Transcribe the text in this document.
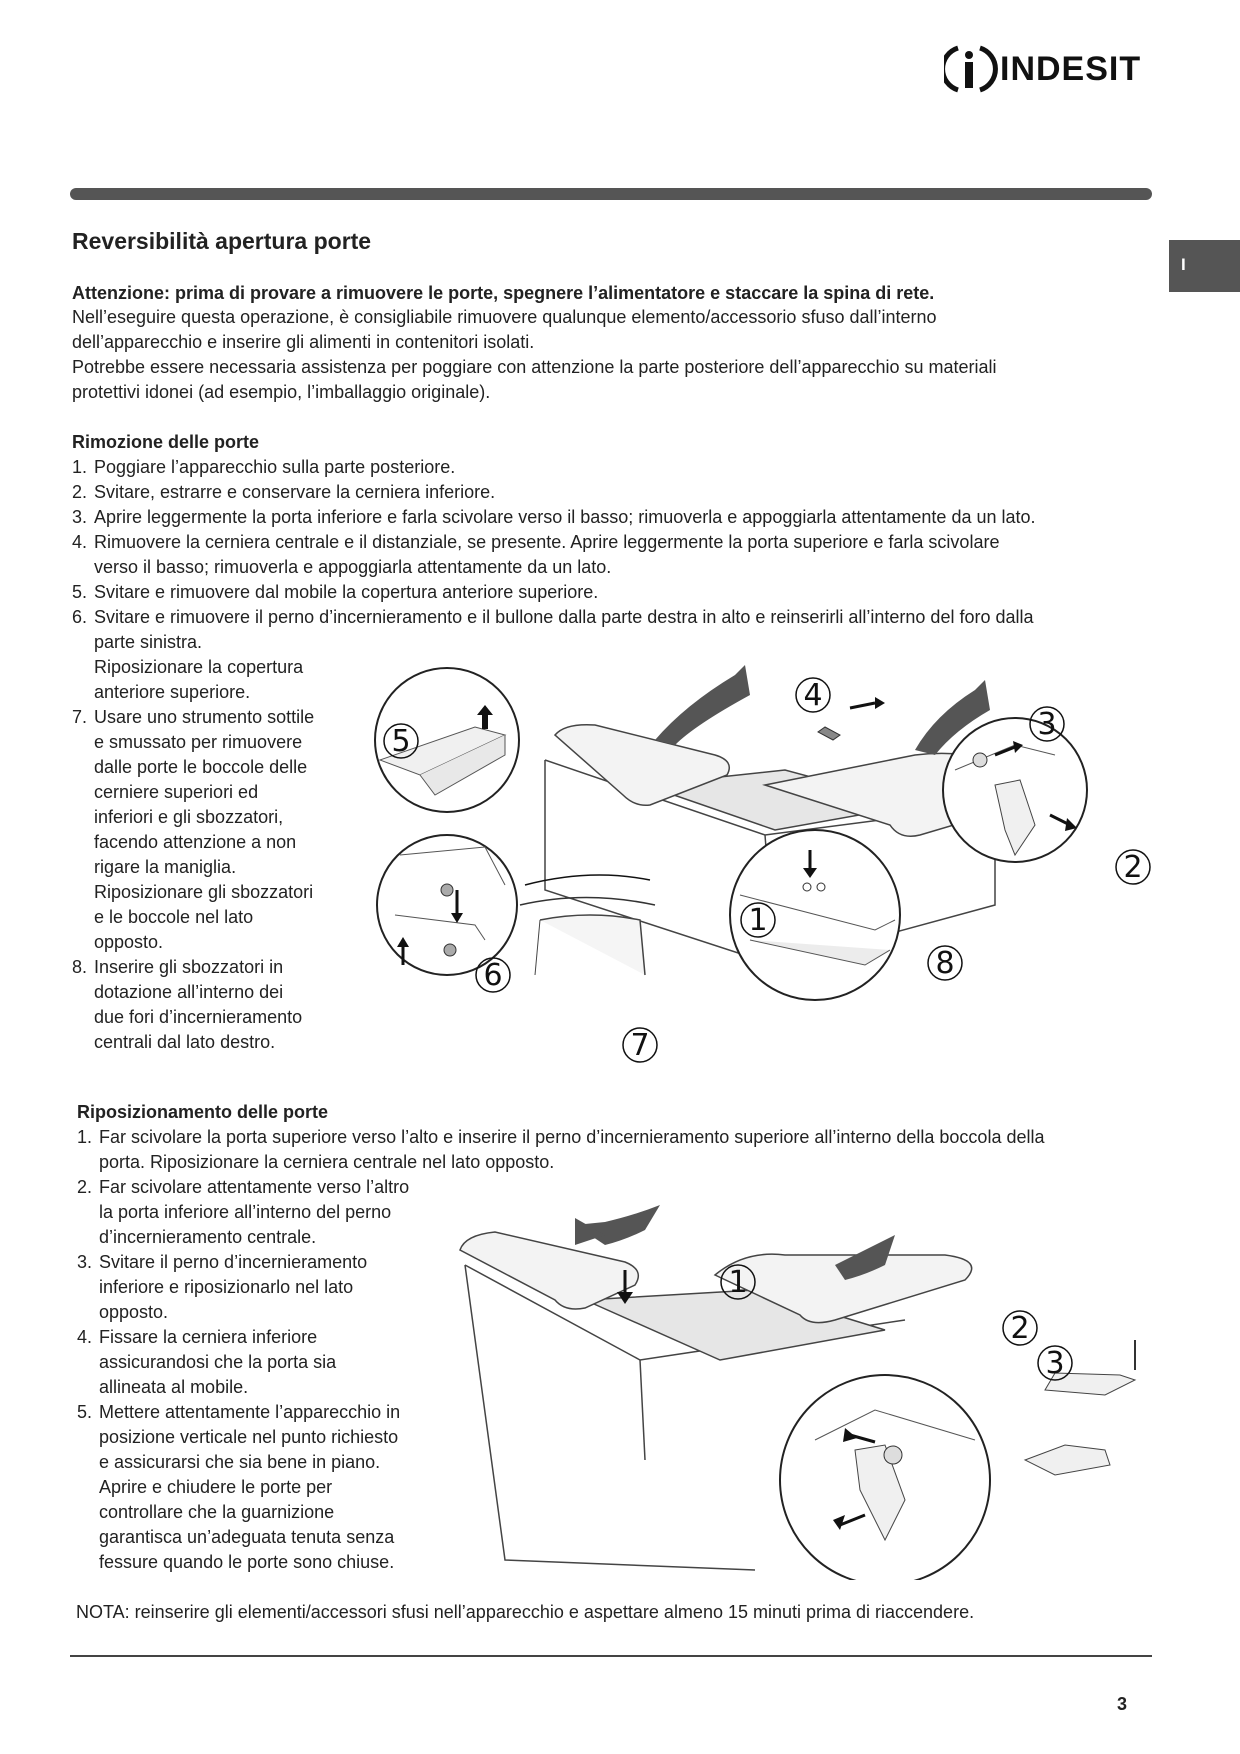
INDESIT
I
Reversibilità apertura porte

Attenzione: prima di provare a rimuovere le porte, spegnere l’alimentatore e staccare la spina di rete.

Nell’eseguire questa operazione, è consigliabile rimuovere qualunque elemento/accessorio sfuso dall’interno

dell’apparecchio e inserire gli alimenti in contenitori isolati.

Potrebbe essere necessaria assistenza per poggiare con attenzione la parte posteriore dell’apparecchio su materiali

protettivi idonei (ad esempio, l’imballaggio originale).

Rimozione delle porte

1. Poggiare l’apparecchio sulla parte posteriore.
2. Svitare, estrarre e conservare la cerniera inferiore.
3. Aprire leggermente la porta inferiore e farla scivolare verso il basso; rimuoverla e appoggiarla attentamente da un lato.
4. Rimuovere la cerniera centrale e il distanziale, se presente. Aprire leggermente la porta superiore e farla scivolare
verso il basso; rimuoverla e appoggiarla attentamente da un lato.
5. Svitare e rimuovere dal mobile la copertura anteriore superiore.
6. Svitare e rimuovere il perno d’incernieramento e il bullone dalla parte destra in alto e reinserirli all’interno del foro dalla
parte sinistra.
Riposizionare la copertura
anteriore superiore.
7. Usare uno strumento sottile
e smussato per rimuovere
dalle porte le boccole delle
cerniere superiori ed
inferiori e gli sbozzatori,
facendo attenzione a non
rigare la maniglia.
Riposizionare gli sbozzatori
e le boccole nel lato
opposto.
8. Inserire gli sbozzatori in
dotazione all’interno dei
due fori d’incernieramento
centrali dal lato destro.
1
2
3
4
5
6
7
8

Riposizionamento delle porte

1. Far scivolare la porta superiore verso l’alto e inserire il perno d’incernieramento superiore all’interno della boccola della
porta. Riposizionare la cerniera centrale nel lato opposto.
2. Far scivolare attentamente verso l’altro
la porta inferiore all’interno del perno
d’incernieramento centrale.
3. Svitare il perno d’incernieramento
inferiore e riposizionarlo nel lato
opposto.
4. Fissare la cerniera inferiore
assicurandosi che la porta sia
allineata al mobile.
5. Mettere attentamente l’apparecchio in
posizione verticale nel punto richiesto
e assicurarsi che sia bene in piano.
Aprire e chiudere le porte per
controllare che la guarnizione
garantisca un’adeguata tenuta senza
fessure quando le porte sono chiuse.
1
2
3

NOTA: reinserire gli elementi/accessori sfusi nell’apparecchio e aspettare almeno 15 minuti prima di riaccendere.

3
